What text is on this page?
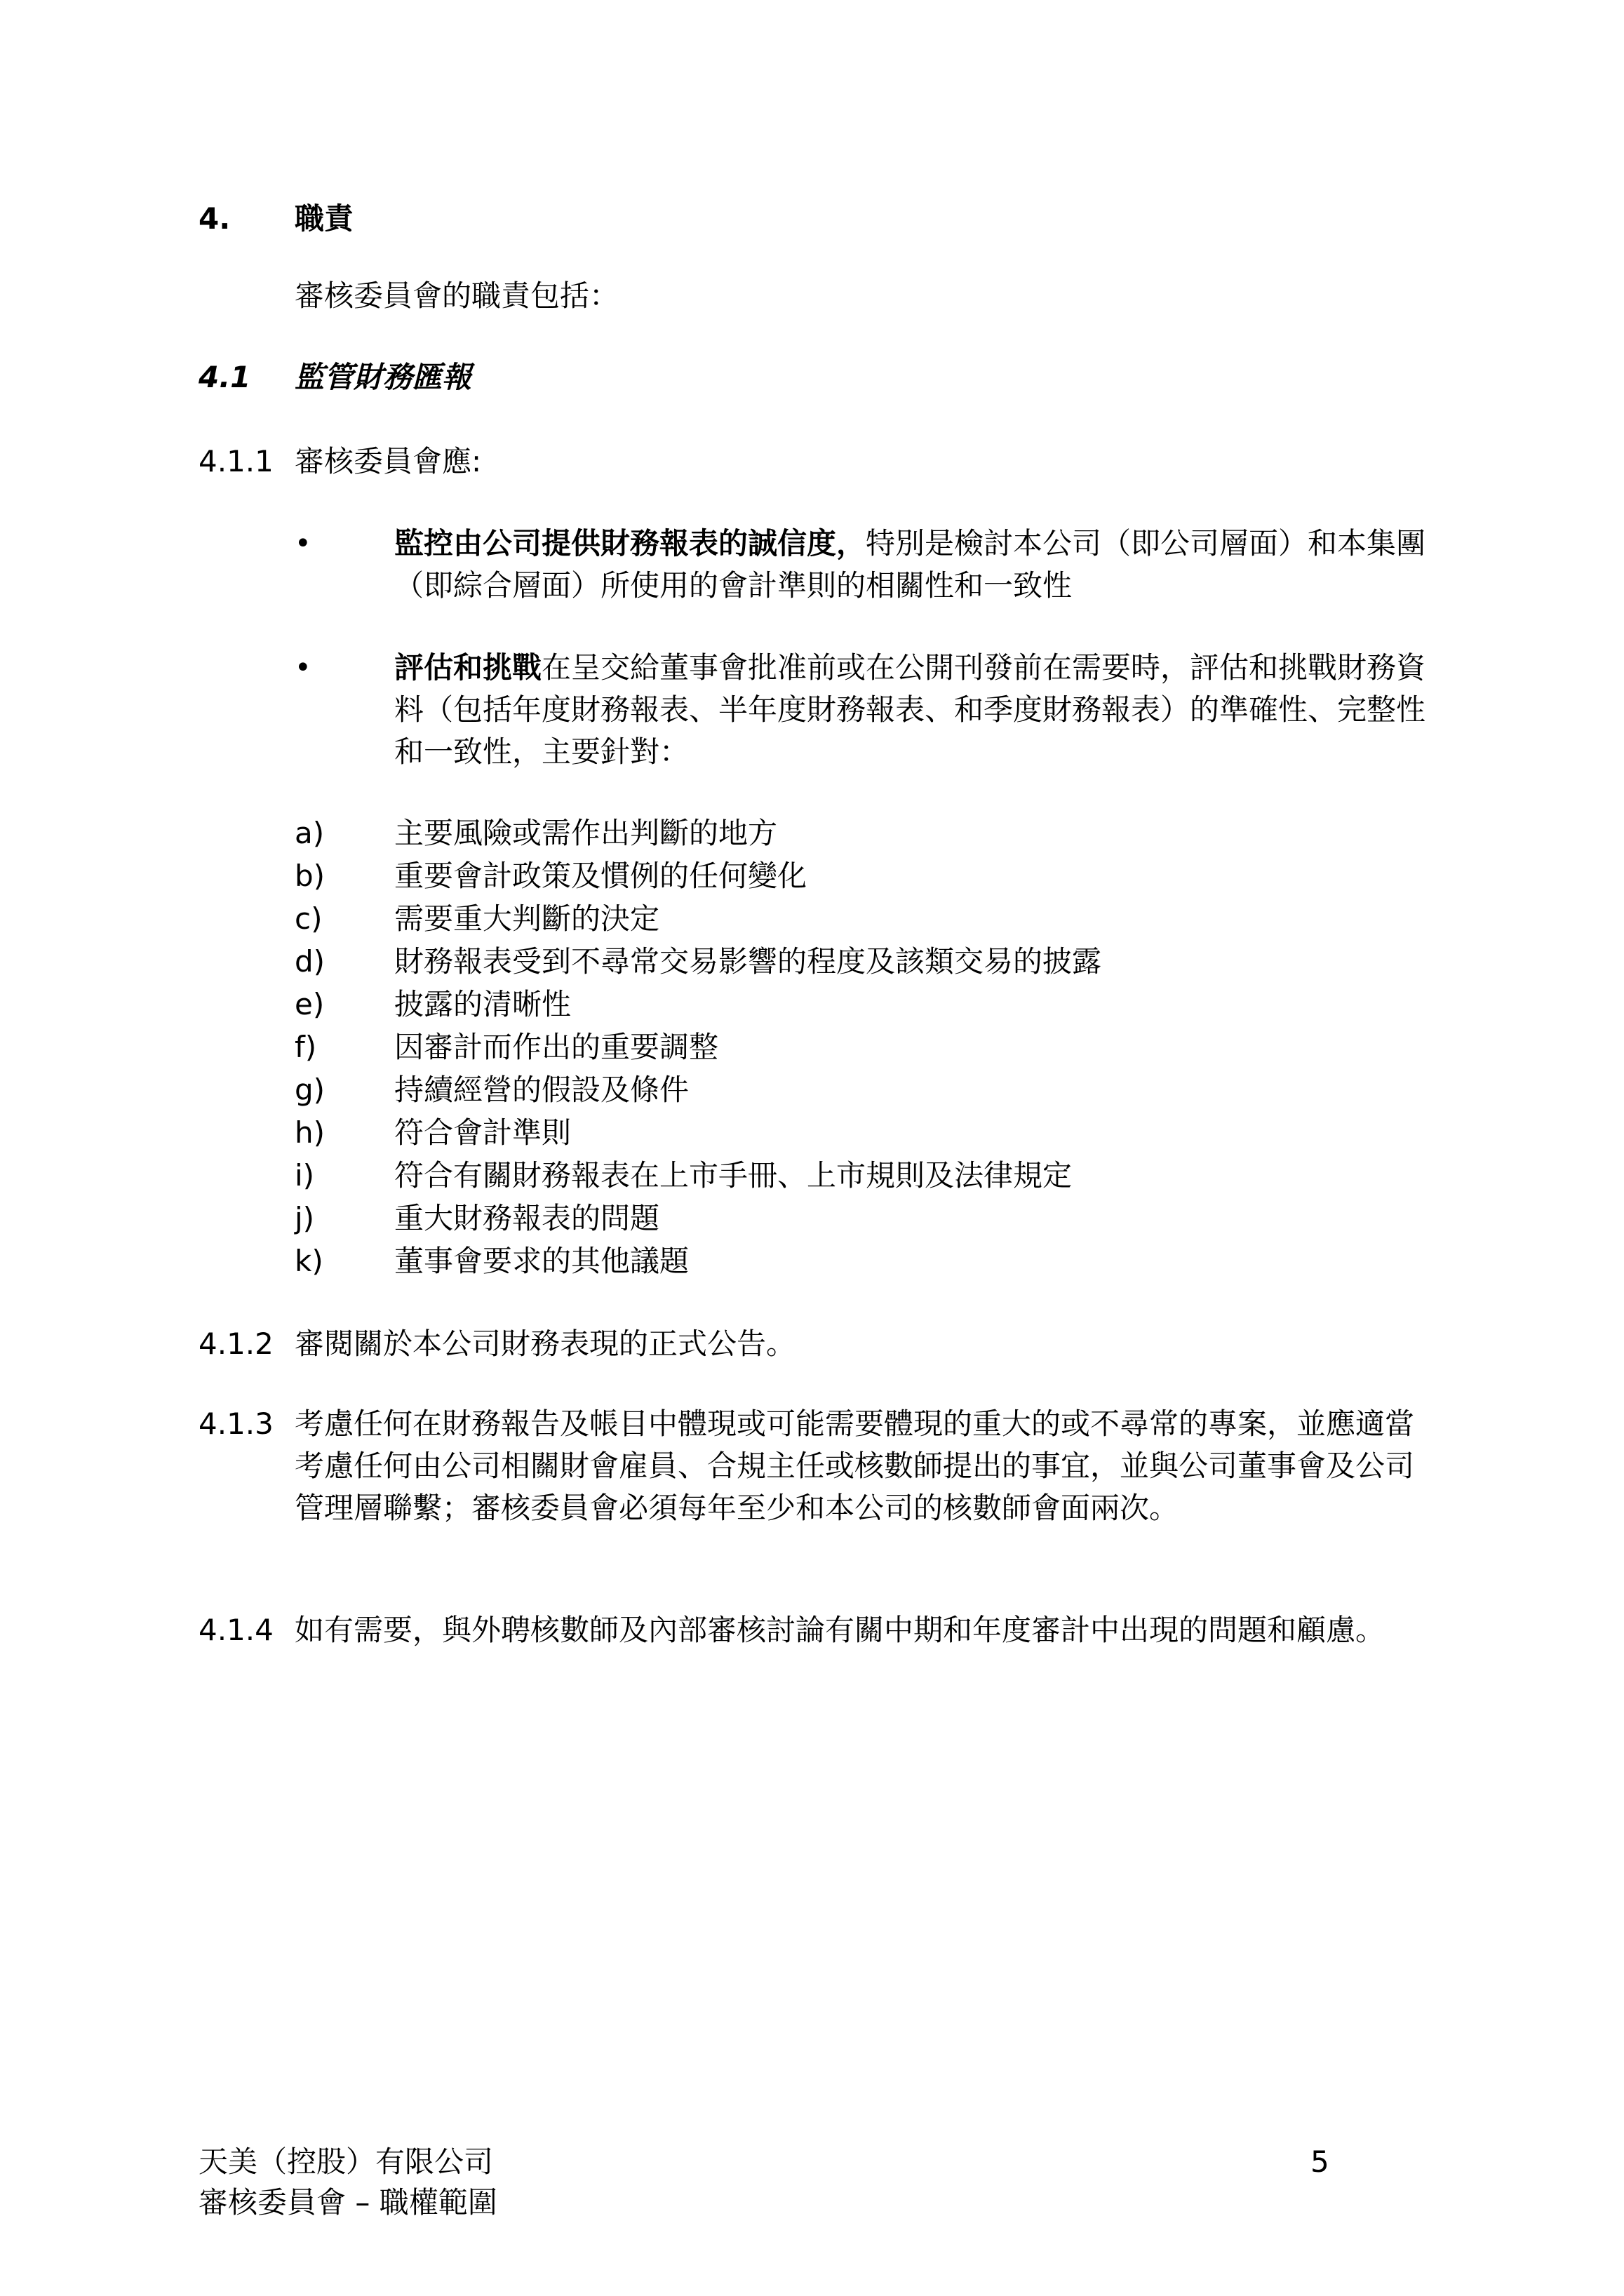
4. 職責
審核委員會的職責包括：
4.1 監管財務匯報
4.1.1 審核委員會應:
•	監控由公司提供財務報表的誠信度，特別是檢討本公司（即公司層面）和本集團（即綜合層面）所使用的會計準則的相關性和一致性
•	評估和挑戰在呈交給董事會批准前或在公開刊發前在需要時，評估和挑戰財務資料（包括年度財務報表、半年度財務報表、和季度財務報表）的準確性、完整性和一致性，主要針對：
a) 主要風險或需作出判斷的地方
b) 重要會計政策及慣例的任何變化
c) 需要重大判斷的決定
d) 財務報表受到不尋常交易影響的程度及該類交易的披露
e) 披露的清晰性
f)	因審計而作出的重要調整
g) 持續經營的假設及條件
h) 符合會計準則
i)	符合有關財務報表在上市手冊、上市規則及法律規定
j)	重大財務報表的問題
k) 董事會要求的其他議題
4.1.2 審閱關於本公司財務表現的正式公告。
4.1.3 考慮任何在財務報告及帳目中體現或可能需要體現的重大的或不尋常的專案，並應適當考慮任何由公司相關財會雇員、合規主任或核數師提出的事宜，並與公司董事會及公司管理層聯繫；審核委員會必須每年至少和本公司的核數師會面兩次。
4.1.4 如有需要，與外聘核數師及內部審核討論有關中期和年度審計中出現的問題和顧慮。
天美（控股）有限公司
審核委員會 – 職權範圍
5
